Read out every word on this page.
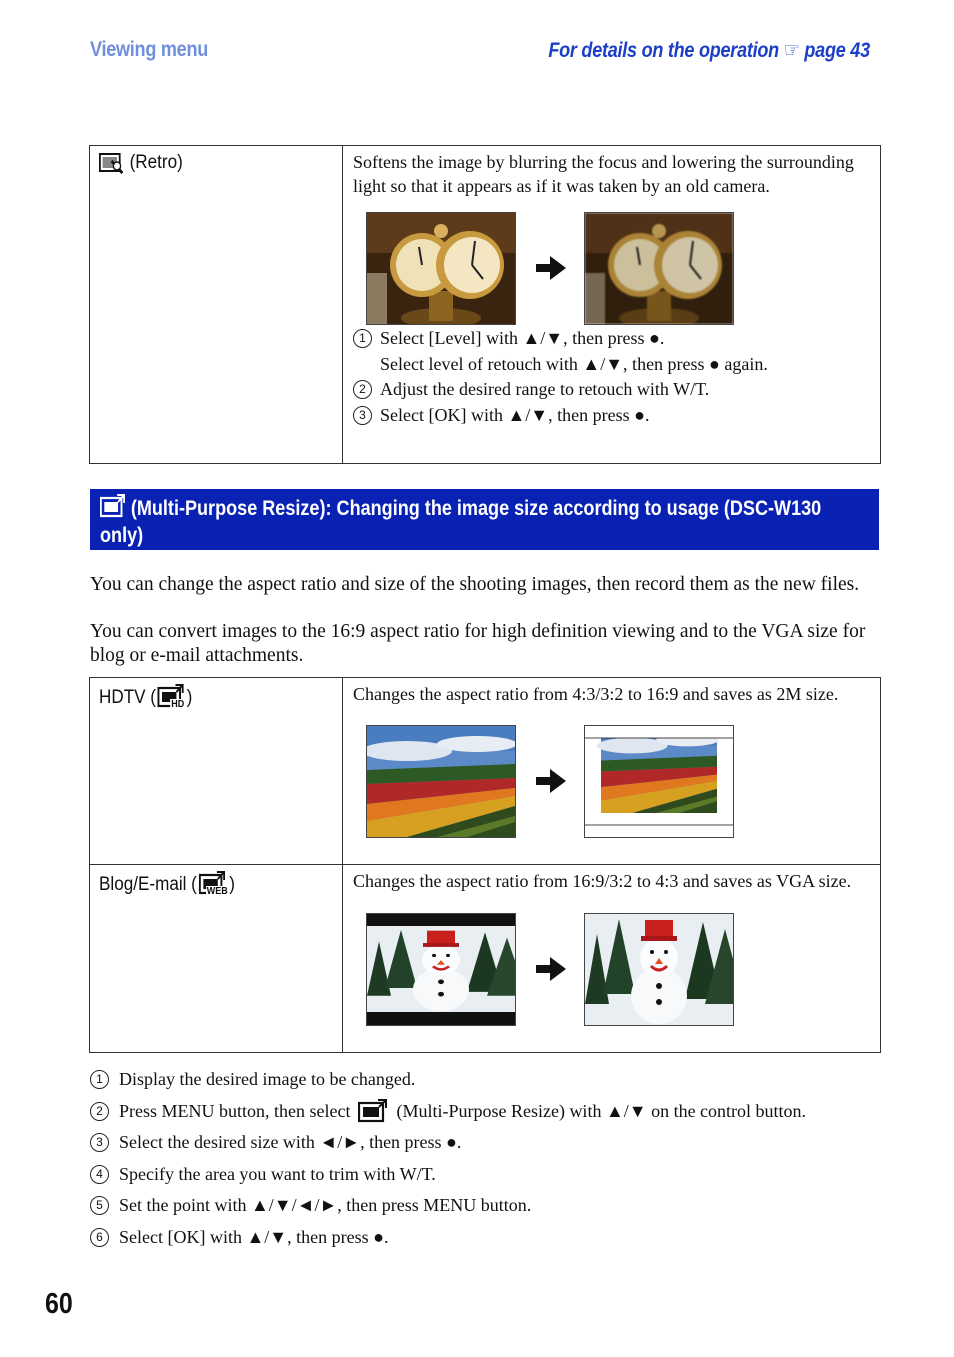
Viewing menu	For details on the operation ☞ page 43
(Retro)	Softens the image by blurring the focus and lowering the surrounding light so that it appears as if it was taken by an old camera.
1 Select [Level] with ▲/▼, then press ●.
Select level of retouch with ▲/▼, then press ● again.
2 Adjust the desired range to retouch with W/T.
3 Select [OK] with ▲/▼, then press ●.
(Multi-Purpose Resize): Changing the image size according to usage (DSC-W130 only)
You can change the aspect ratio and size of the shooting images, then record them as the new files.
You can convert images to the 16:9 aspect ratio for high definition viewing and to the VGA size for blog or e-mail attachments.
HDTV ( HD )	Changes the aspect ratio from 4:3/3:2 to 16:9 and saves as 2M size.

Blog/E-mail ( WEB )	Changes the aspect ratio from 16:9/3:2 to 4:3 and saves as VGA size.
1 Display the desired image to be changed.
2 Press MENU button, then select	(Multi-Purpose Resize) with ▲/▼ on the control button.
3 Select the desired size with ◄/►, then press ●.
4 Specify the area you want to trim with W/T.
5 Set the point with ▲/▼/◄/►, then press MENU button.
6 Select [OK] with ▲/▼, then press ●.
60
